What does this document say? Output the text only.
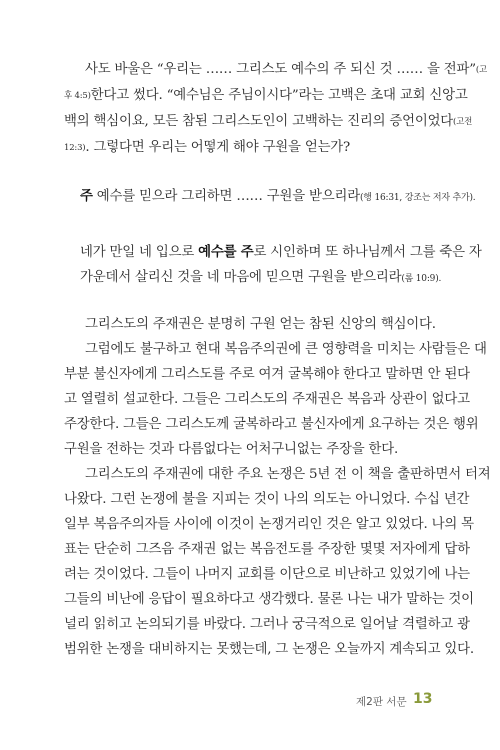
사도 바울은 “우리는 …… 그리스도 예수의 주 되신 것 …… 을 전파”(고
후 4:5)한다고 썼다. “예수님은 주님이시다”라는 고백은 초대 교회 신앙고
백의 핵심이요, 모든 참된 그리스도인이 고백하는 진리의 증언이었다(고전
12:3). 그렇다면 우리는 어떻게 해야 구원을 얻는가?
주 예수를 믿으라 그리하면 …… 구원을 받으리라(행 16:31, 강조는 저자 추가).
네가 만일 네 입으로 예수를 주로 시인하며 또 하나님께서 그를 죽은 자
가운데서 살리신 것을 네 마음에 믿으면 구원을 받으리라(롬 10:9).
그리스도의 주재권은 분명히 구원 얻는 참된 신앙의 핵심이다.
그럼에도 불구하고 현대 복음주의권에 큰 영향력을 미치는 사람들은 대
부분 불신자에게 그리스도를 주로 여겨 굴복해야 한다고 말하면 안 된다
고 열렬히 설교한다. 그들은 그리스도의 주재권은 복음과 상관이 없다고
주장한다. 그들은 그리스도께 굴복하라고 불신자에게 요구하는 것은 행위
구원을 전하는 것과 다름없다는 어처구니없는 주장을 한다.
그리스도의 주재권에 대한 주요 논쟁은 5년 전 이 책을 출판하면서 터져
나왔다. 그런 논쟁에 불을 지피는 것이 나의 의도는 아니었다. 수십 년간
일부 복음주의자들 사이에 이것이 논쟁거리인 것은 알고 있었다. 나의 목
표는 단순히 그즈음 주재권 없는 복음전도를 주장한 몇몇 저자에게 답하
려는 것이었다. 그들이 나머지 교회를 이단으로 비난하고 있었기에 나는
그들의 비난에 응답이 필요하다고 생각했다. 물론 나는 내가 말하는 것이
널리 읽히고 논의되기를 바랐다. 그러나 궁극적으로 일어날 격렬하고 광
범위한 논쟁을 대비하지는 못했는데, 그 논쟁은 오늘까지 계속되고 있다.
제2판 서문 13
